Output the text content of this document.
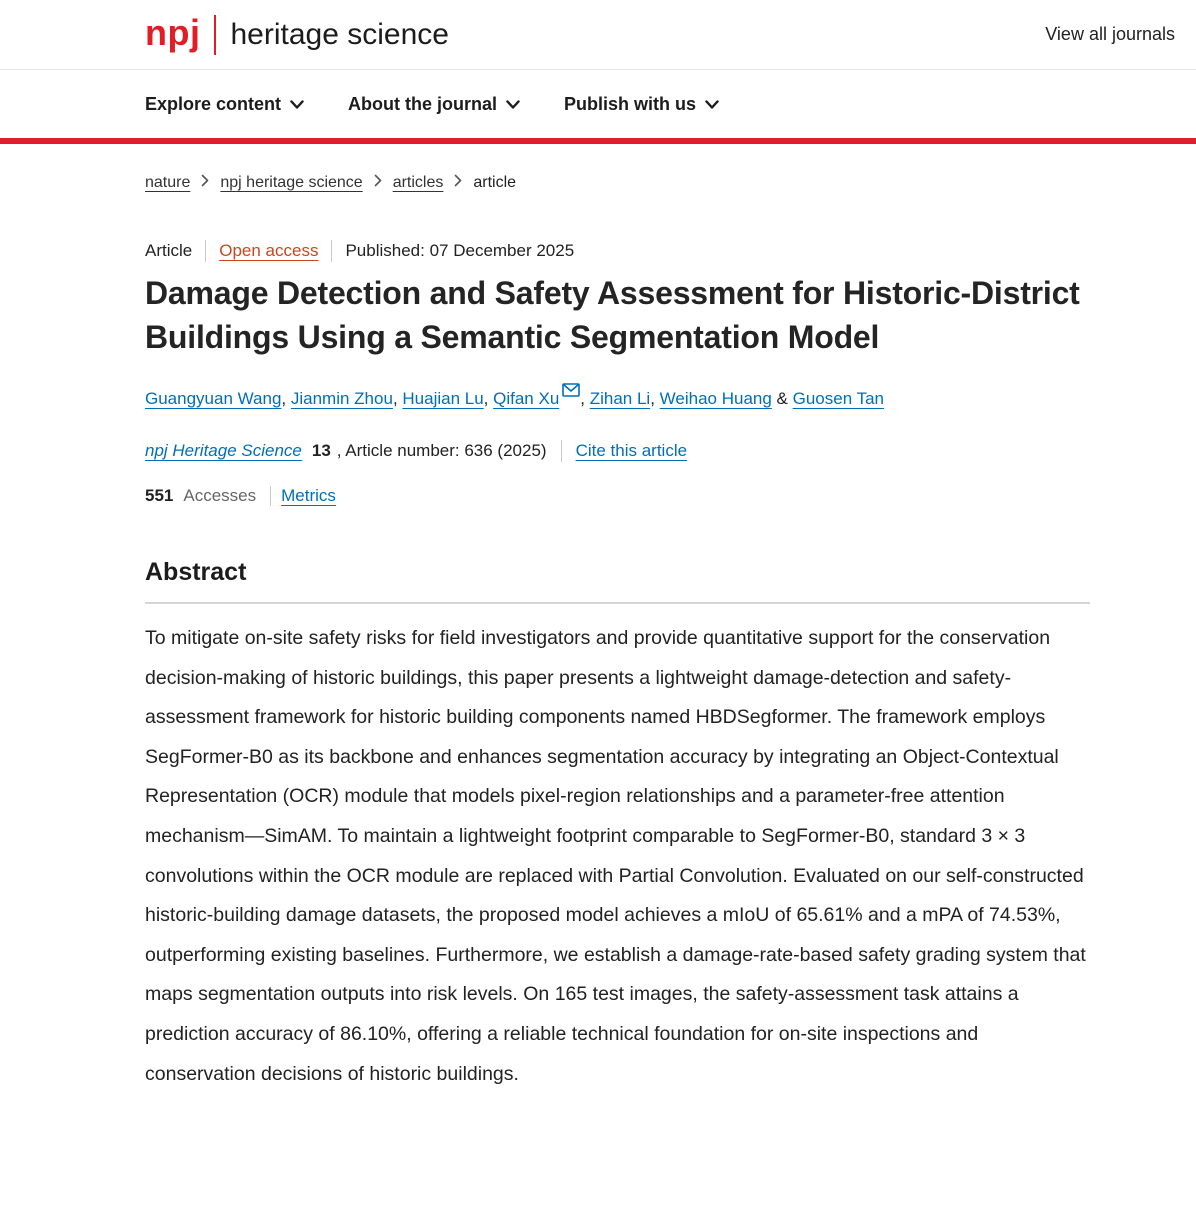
npj heritage science	View all journals
Explore content	About the journal	Publish with us
nature npj heritage science articles article
Article Open access Published: 07 December 2025
Damage Detection and Safety Assessment for Historic-District Buildings Using a Semantic Segmentation Model

Guangyuan Wang, Jianmin Zhou, Huajian Lu, Qifan Xu , Zihan Li, Weihao Huang & Guosen Tan

npj Heritage Science 13 , Article number: 636 (2025) Cite this article
551 Accesses Metrics
Abstract

To mitigate on-site safety risks for field investigators and provide quantitative support for the conservation decision-making of historic buildings, this paper presents a lightweight damage-detection and safety-assessment framework for historic building components named HBDSegformer. The framework employs SegFormer-B0 as its backbone and enhances segmentation accuracy by integrating an Object-Contextual Representation (OCR) module that models pixel-region relationships and a parameter-free attention mechanism—SimAM. To maintain a lightweight footprint comparable to SegFormer-B0, standard 3 × 3 convolutions within the OCR module are replaced with Partial Convolution. Evaluated on our self-constructed historic-building damage datasets, the proposed model achieves a mIoU of 65.61% and a mPA of 74.53%, outperforming existing baselines. Furthermore, we establish a damage-rate-based safety grading system that maps segmentation outputs into risk levels. On 165 test images, the safety-assessment task attains a prediction accuracy of 86.10%, offering a reliable technical foundation for on-site inspections and conservation decisions of historic buildings.
